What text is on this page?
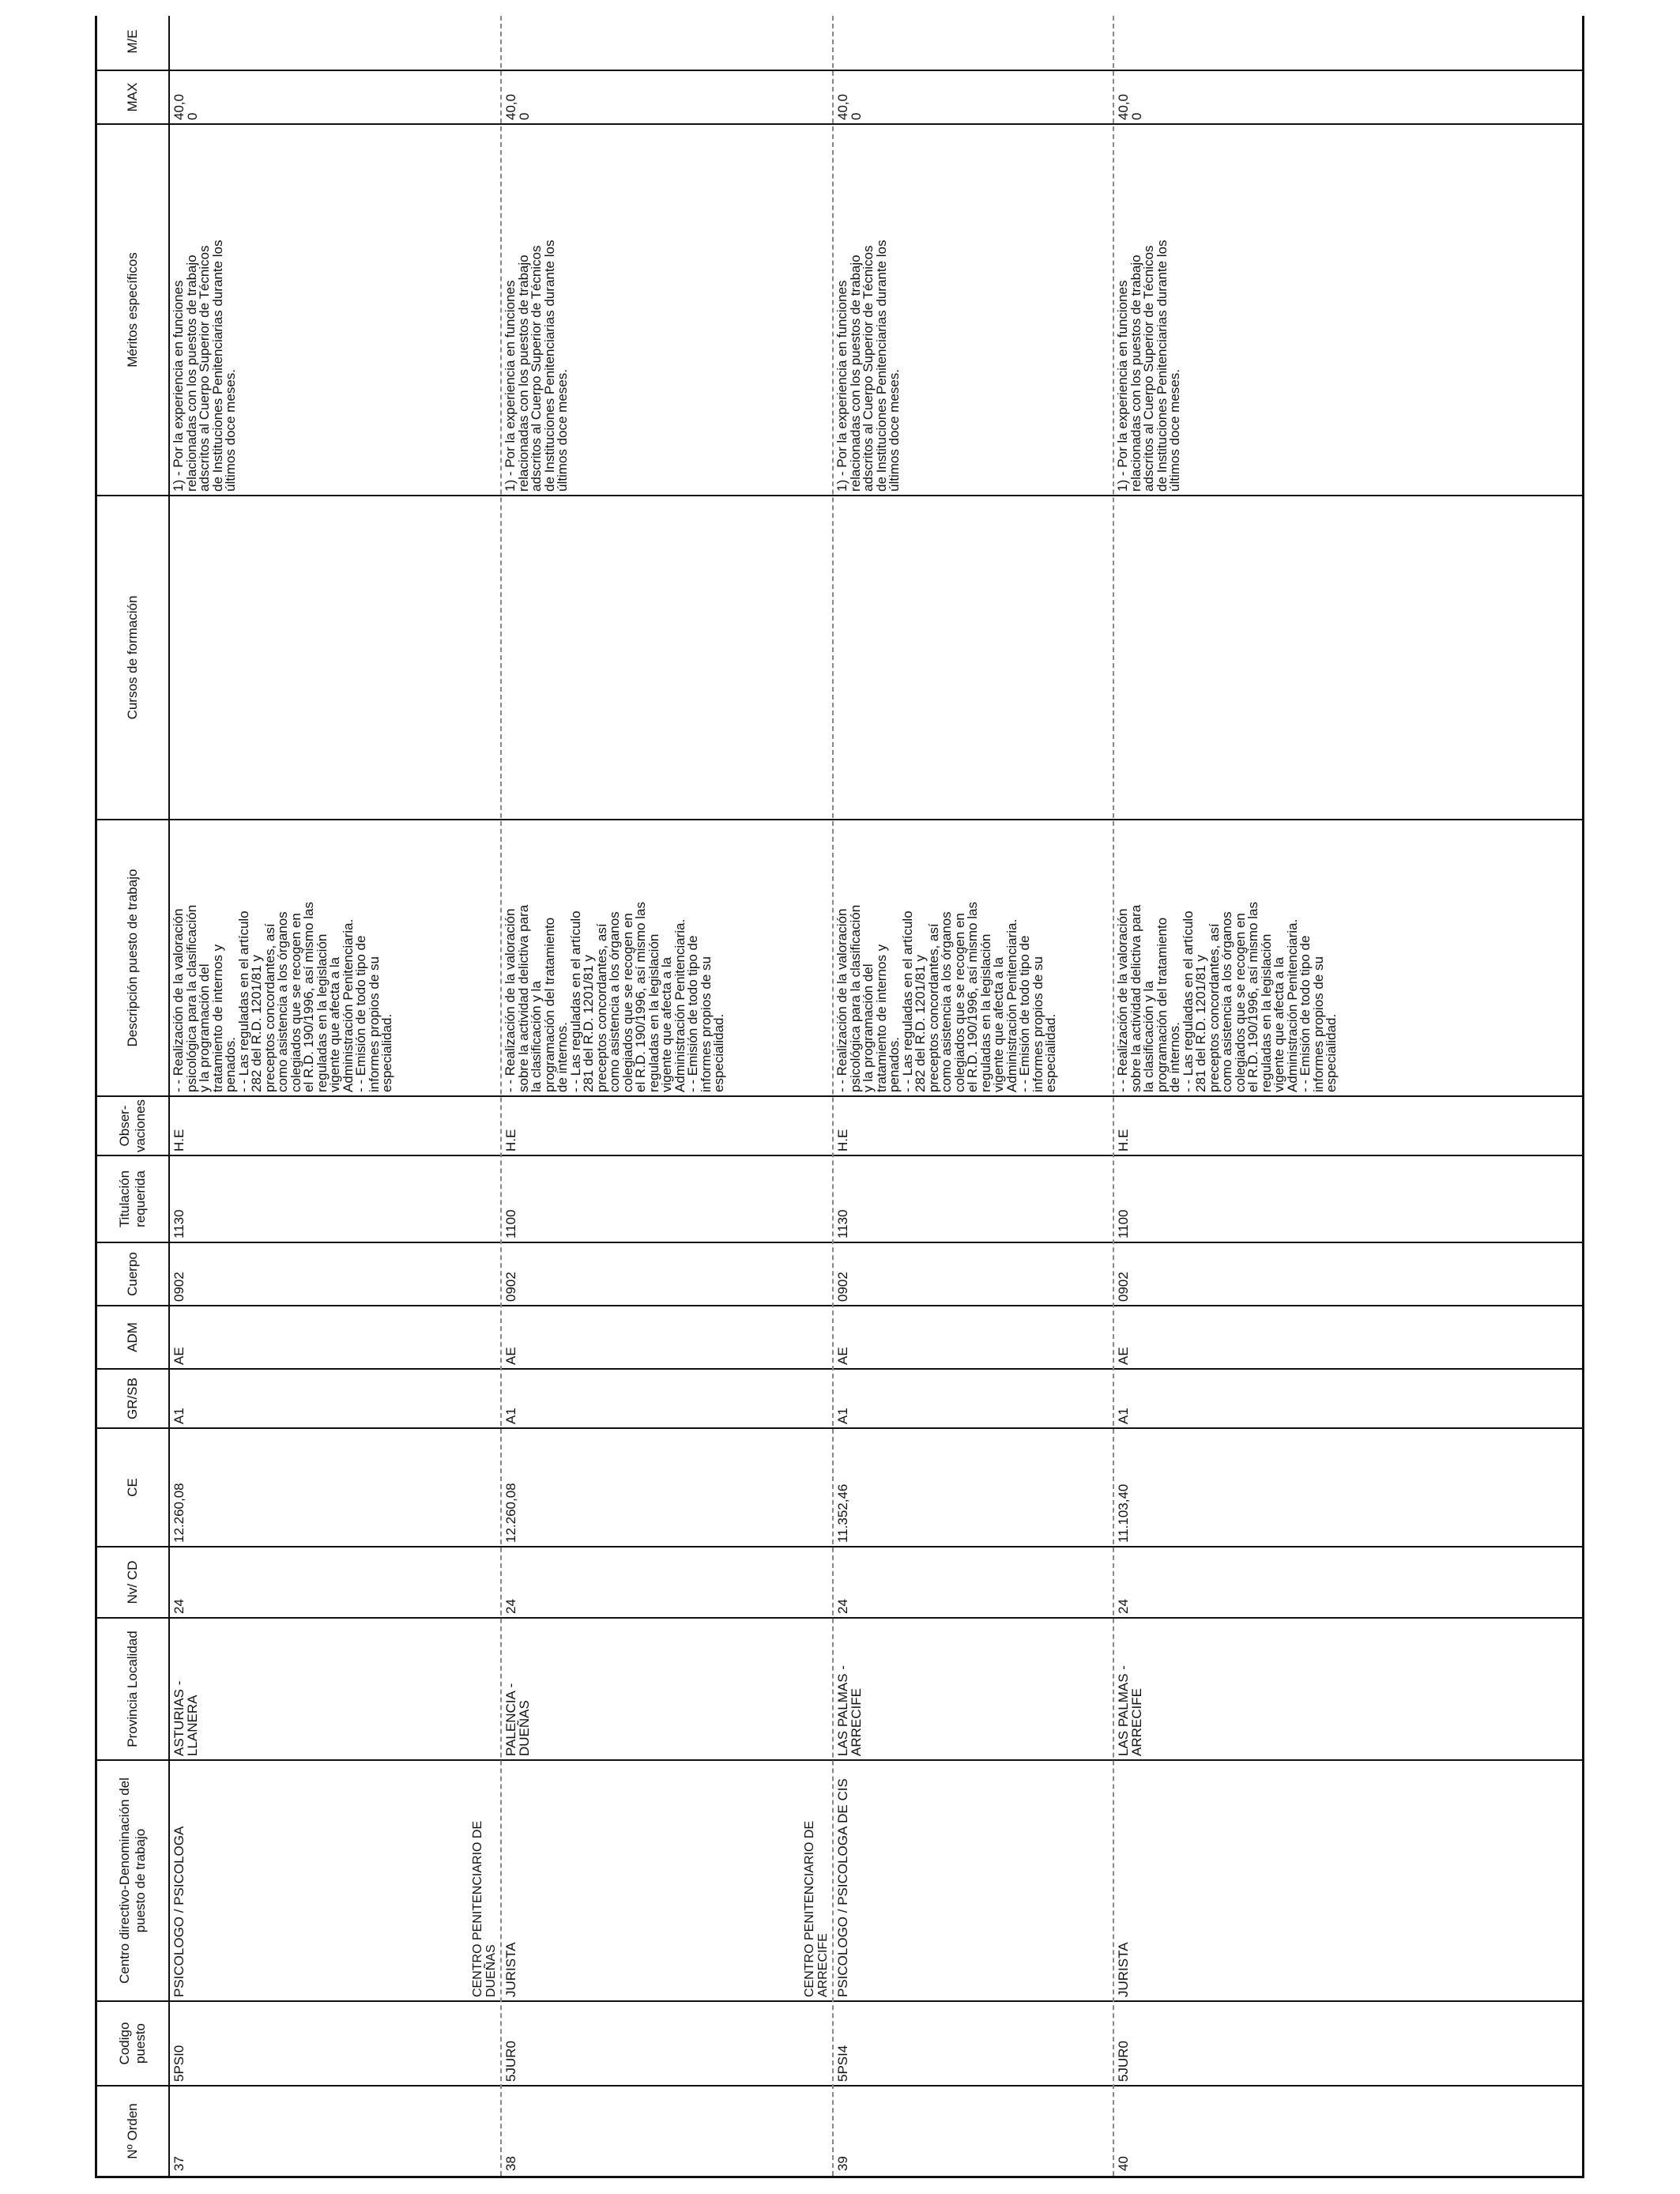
Nº Orden
Codigo puesto
Centro directivo-Denominación del puesto de trabajo
Provincia Localidad
Nv/ CD
CE
GR/SB
ADM
Cuerpo
Titulación requerida
Obser-vaciones
Descripción puesto de trabajo
Cursos de formación
Méritos específicos
MAX
M/E
37
5PSI0
PSICOLOGO / PSICOLOGA
ASTURIAS -
LLANERA
24
12.260,08
A1
AE
0902
1130
H.E
- - Realización de la valoración
psicológica para la clasificación
y la programación del
tratamiento de internos y
penados.
- - Las reguladas en el artículo
282 del R.D. 1201/81 y
preceptos concordantes, así
como asistencia a los órganos
colegiados que se recogen en
el R.D. 190/1996, así mismo las
reguladas en la legislación
vigente que afecta a la
Administración Penitenciaria.
- - Emisión de todo tipo de
informes propios de su
especialidad.
1) - Por la experiencia en funciones
relacionadas con los puestos de trabajo
adscritos al Cuerpo Superior de Técnicos
de Instituciones Penitenciarias durante los
últimos doce meses.
40,0
0
38
5JUR0
CENTRO PENITENCIARIO DE
DUEÑAS JURISTA
PALENCIA -
DUEÑAS
24
12.260,08
A1
AE
0902
1100
H.E
- - Realización de la valoración
sobre la actividad delictiva para
la clasificación y la
programación del tratamiento
de internos.
- - Las reguladas en el artículo
281 del R.D. 1201/81 y
preceptos concordantes, así
como asistencia a los órganos
colegiados que se recogen en
el R.D. 190/1996, así mismo las
reguladas en la legislación
vigente que afecta a la
Administración Penitenciaria.
- - Emisión de todo tipo de
informes propios de su
especialidad.
1) - Por la experiencia en funciones
relacionadas con los puestos de trabajo
adscritos al Cuerpo Superior de Técnicos
de Instituciones Penitenciarias durante los
últimos doce meses.
40,0
0
39
5PSI4
CENTRO PENITENCIARIO DE
ARRECIFE PSICOLOGO / PSICOLOGA DE CIS
LAS PALMAS -
ARRECIFE
24
11.352,46
A1
AE
0902
1130
H.E
- - Realización de la valoración
psicológica para la clasificación
y la programación del
tratamiento de internos y
penados.
- - Las reguladas en el artículo
282 del R.D. 1201/81 y
preceptos concordantes, así
como asistencia a los órganos
colegiados que se recogen en
el R.D. 190/1996, así mismo las
reguladas en la legislación
vigente que afecta a la
Administración Penitenciaria.
- - Emisión de todo tipo de
informes propios de su
especialidad.
1) - Por la experiencia en funciones
relacionadas con los puestos de trabajo
adscritos al Cuerpo Superior de Técnicos
de Instituciones Penitenciarias durante los
últimos doce meses.
40,0
0
40
5JUR0
JURISTA
LAS PALMAS -
ARRECIFE
24
11.103,40
A1
AE
0902
1100
H.E
- - Realización de la valoración
sobre la actividad delictiva para
la clasificación y la
programación del tratamiento
de internos.
- - Las reguladas en el artículo
281 del R.D. 1201/81 y
preceptos concordantes, así
como asistencia a los órganos
colegiados que se recogen en
el R.D. 190/1996, así mismo las
reguladas en la legislación
vigente que afecta a la
Administración Penitenciaria.
- - Emisión de todo tipo de
informes propios de su
especialidad.
1) - Por la experiencia en funciones
relacionadas con los puestos de trabajo
adscritos al Cuerpo Superior de Técnicos
de Instituciones Penitenciarias durante los
últimos doce meses.
40,0
0
